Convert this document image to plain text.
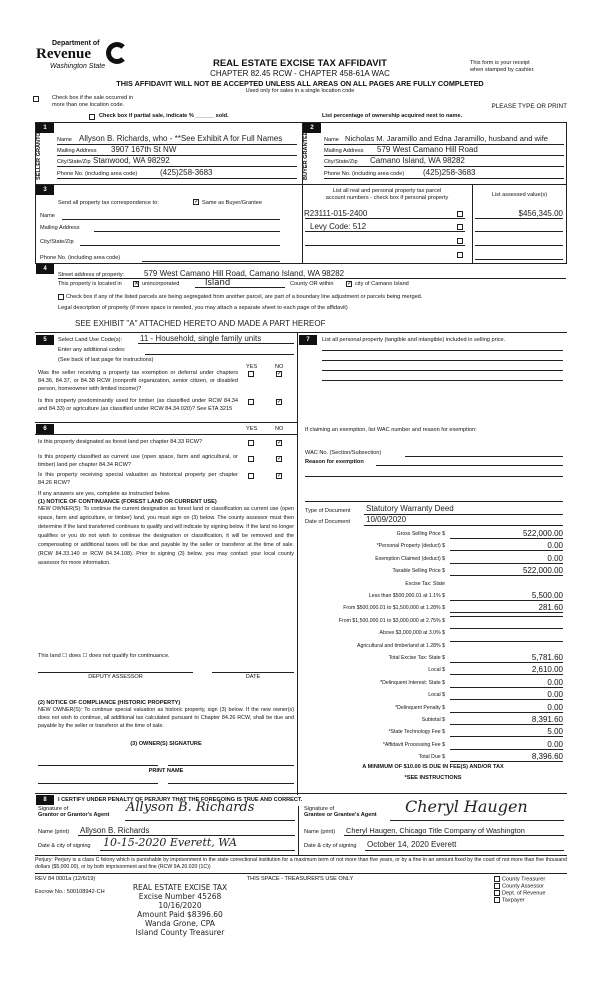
Department of
Revenue
Washington State	REAL ESTATE EXCISE TAX AFFIDAVIT
CHAPTER 82.45 RCW - CHAPTER 458-61A WAC
This form is your receipt
when stamped by cashier.
THIS AFFIDAVIT WILL NOT BE ACCEPTED UNLESS ALL AREAS ON ALL PAGES ARE FULLY COMPLETED
Used only for sales in a single location code
Check box if the sale occurred in
more than one location code.	PLEASE TYPE OR PRINT
Check box if partial sale, indicate % ______ sold.	List percentage of ownership acquired next to name.
1
SELLER GRANTOR	Name Allyson B. Richards, who - **See Exhibit A for Full Names
Mailing Address 3907 167th St NW
City/State/Zip Stanwood, WA 98292
Phone No. (including area code)	(425)258-3683
2
BUYER GRANTEE	Name Nicholas M. Jaramillo and Edna Jaramillo, husband and wife
Mailing Address 579 West Camano Hill Road
City/State/Zip Camano Island, WA 98282
Phone No. (including area code) (425)258-3683
3
Send all property tax correspondence to:	✓ Same as Buyer/Grantee
Name
Mailing Address
City/State/Zip
Phone No. (including area code)
List all real and personal property tax parcel
account numbers - check box if personal property	List assessed value(s)
R23111-015-2400	$456,345.00
Levy Code: 512
4
Street address of property: 579 West Camano Hill Road, Camano Island, WA 98282
This property is located in ✕ unincorporated	Island	County OR within ✓ city of Camano Island
Check box if any of the listed parcels are being segregated from another parcel, are part of a boundary line adjustment or parcels being merged.
Legal description of property (if more space is needed, you may attach a separate sheet to each page of the affidavit)
SEE EXHIBIT "A" ATTACHED HERETO AND MADE A PART HEREOF
5	Select Land Use Code(s): 11 - Household, single family units
Enter any additional codes:
(See back of last page for instructions)
YES	NO
Was the seller receiving a property tax exemption or deferral under chapters 84.36, 84.37, or 84.38 RCW (nonprofit organization, senior citizen, or disabled person, homeowner with limited income)?
✓
Is this property predominantly used for timber (as classified under RCW 84.34 and 84.33) or agriculture (as classified under RCW 84.34.020)? See ETA 3215
✓
6	YES	NO
Is this property designated as forest land per chapter 84.33 RCW?	✓
Is this property classified as current use (open space, farm and agricultural, or timber) land per chapter 84.34 RCW?
✓
Is this property receiving special valuation as historical property per chapter 84.26 RCW?
✓
If any answers are yes, complete as instructed below.
(1) NOTICE OF CONTINUANCE (FOREST LAND OR CURRENT USE)
NEW OWNER(S): To continue the current designation as forest land or classification as current use (open space, farm and agriculture, or timber) land, you must sign on (3) below. The county assessor must then determine if the land transferred continues to qualify and will indicate by signing below. If the land no longer qualifies or you do not wish to continue the designation or classification, it will be removed and the compensating or additional taxes will be due and payable by the seller or transferor at the time of sale. (RCW 84.33.140 or RCW 84.34.108). Prior to signing (3) below, you may contact your local county assessor for more information.
This land ☐ does ☐ does not qualify for continuance.
DEPUTY ASSESSOR	DATE
(2) NOTICE OF COMPLIANCE (HISTORIC PROPERTY)
NEW OWNER(S): To continue special valuation as historic property, sign (3) below. If the new owner(s) does not wish to continue, all additional tax calculated pursuant to Chapter 84.26 RCW, shall be due and payable by the seller or transferor at the time of sale.
(3) OWNER(S) SIGNATURE
PRINT NAME
7	List all personal property (tangible and intangible) included in selling price.
If claiming an exemption, list WAC number and reason for exemption:
WAC No. (Section/Subsection)
Reason for exemption
Type of Document Statutory Warranty Deed
Date of Document 10/09/2020
Gross Selling Price $	522,000.00
*Personal Property (deduct) $	0.00
Exemption Claimed (deduct) $	0.00
Taxable Selling Price $	522,000.00
Excise Tax: State
Less than $500,000.01 at 1.1% $	5,500.00
From $500,000.01 to $1,500,000 at 1.28% $	281.60
From $1,500,000.01 to $3,000,000 at 2.75% $
Above $3,000,000 at 3.0% $
Agricultural and timberland at 1.28% $
Total Excise Tax: State $	5,781.60
Local $	2,610.00
*Delinquent Interest: State $	0.00
Local $	0.00
*Delinquent Penalty $	0.00
Subtotal $	8,391.60
*State Technology Fee $	5.00
*Affidavit Processing Fee $	0.00
Total Due $	8,396.60
A MINIMUM OF $10.00 IS DUE IN FEE(S) AND/OR TAX
*SEE INSTRUCTIONS
8	I CERTIFY UNDER PENALTY OF PERJURY THAT THE FOREGOING IS TRUE AND CORRECT.
Signature of
Grantor or Grantor's Agent Allyson B. Richards
Name (print) Allyson B. Richards
Date & city of signing 10-15-2020 Everett, WA
Signature of
Grantee or Grantee's Agent Cheryl Haugen
Name (print) Cheryl Haugen, Chicago Title Company of Washington
Date & city of signing October 14, 2020 Everett
Perjury: Perjury is a class C felony which is punishable by imprisonment in the state correctional institution for a maximum term of not more than five years, or by a fine in an amount fixed by the court of not more than five thousand dollars ($5,000.00), or by both imprisonment and fine (RCW 9A.20.020 (1C))
REV 84 0001a (12/6/19)	THIS SPACE - TREASURER'S USE ONLY
Escrow No.: 500108942-CH
County Treasurer
County Assessor
Dept. of Revenue
Taxpayer
REAL ESTATE EXCISE TAX
Excise Number 45268
10/16/2020
Amount Paid $8396.60
Wanda Grone, CPA
Island County Treasurer
